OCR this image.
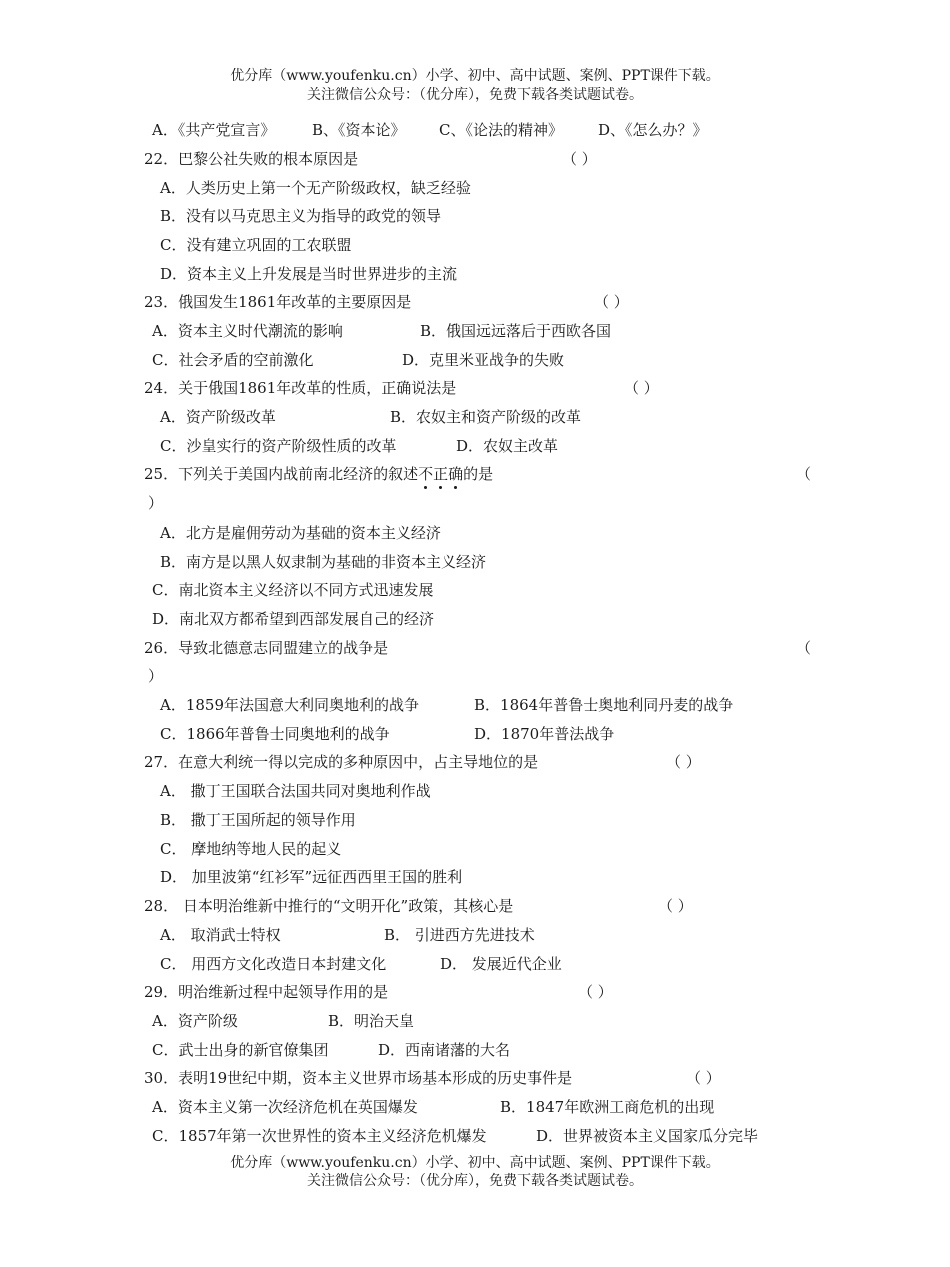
优分库（www.youfenku.cn）小学、初中、高中试题、案例、PPT课件下载。
关注微信公众号：（优分库），免费下载各类试题试卷。
A．《共产党宣言》 B、《资本论》 C、《论法的精神》 D、《怎么办？》
22．巴黎公社失败的根本原因是	（ ）
A．人类历史上第一个无产阶级政权，缺乏经验
B．没有以马克思主义为指导的政党的领导
C．没有建立巩固的工农联盟
D．资本主义上升发展是当时世界进步的主流
23．俄国发生1861年改革的主要原因是	（ ）
A．资本主义时代潮流的影响	B．俄国远远落后于西欧各国
C．社会矛盾的空前激化	D．克里米亚战争的失败
24．关于俄国1861年改革的性质，正确说法是	（ ）
A．资产阶级改革	B．农奴主和资产阶级的改革
C．沙皇实行的资产阶级性质的改革	D．农奴主改革
25．下列关于美国内战前南北经济的叙述不正确的是	（
）
A．北方是雇佣劳动为基础的资本主义经济
B．南方是以黑人奴隶制为基础的非资本主义经济
C．南北资本主义经济以不同方式迅速发展
D．南北双方都希望到西部发展自己的经济
26．导致北德意志同盟建立的战争是	（
）
A．1859年法国意大利同奥地利的战争	B．1864年普鲁士奥地利同丹麦的战争
C．1866年普鲁士同奥地利的战争	D．1870年普法战争
27．在意大利统一得以完成的多种原因中，占主导地位的是	（ ）
A． 撒丁王国联合法国共同对奥地利作战
B． 撒丁王国所起的领导作用
C． 摩地纳等地人民的起义
D． 加里波第“红衫军”远征西西里王国的胜利
28． 日本明治维新中推行的“文明开化”政策，其核心是	（ ）
A． 取消武士特权	B． 引进西方先进技术
C． 用西方文化改造日本封建文化	D． 发展近代企业
29．明治维新过程中起领导作用的是	（ ）
A．资产阶级	B．明治天皇
C．武士出身的新官僚集团	D．西南诸藩的大名
30．表明19世纪中期，资本主义世界市场基本形成的历史事件是	（ ）
A．资本主义第一次经济危机在英国爆发	B．1847年欧洲工商危机的出现
C．1857年第一次世界性的资本主义经济危机爆发	D．世界被资本主义国家瓜分完毕
优分库（www.youfenku.cn）小学、初中、高中试题、案例、PPT课件下载。
关注微信公众号：（优分库），免费下载各类试题试卷。
